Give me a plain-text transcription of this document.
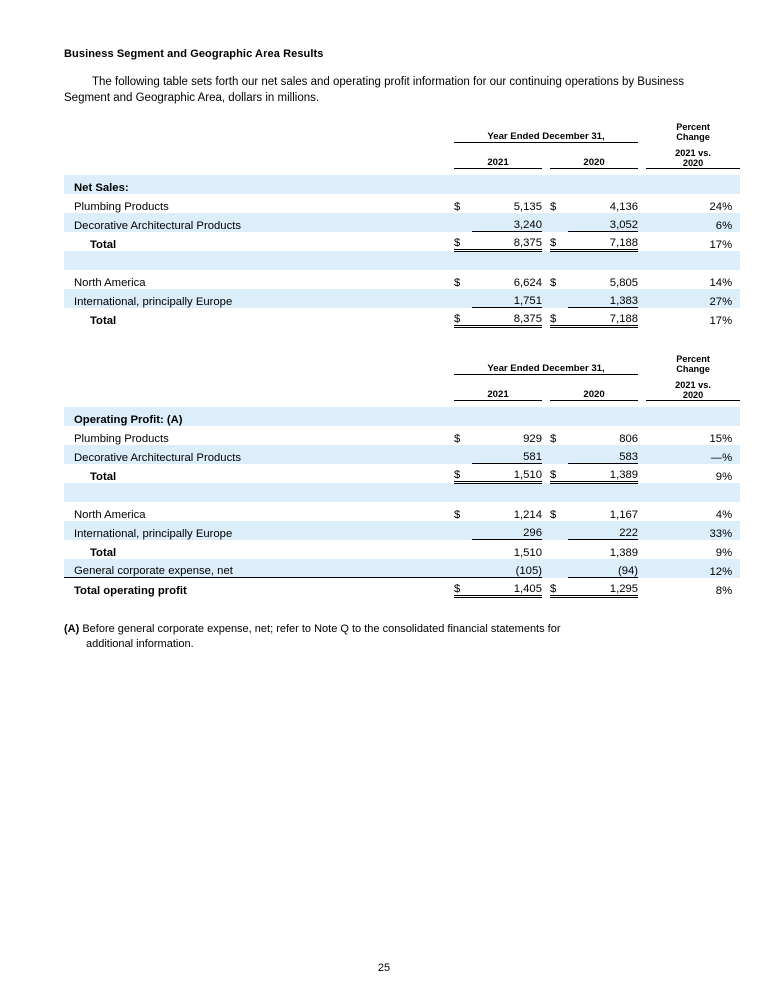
Business Segment and Geographic Area Results

The following table sets forth our net sales and operating profit information for our continuing operations by Business Segment and Geographic Area, dollars in millions.

	Year Ended December 31,						Percent
Change	

	2021			2020			2021 vs.
2020	

Net Sales:								
Plumbing Products	$	5,135		$	4,136		24	%
Decorative Architectural Products		3,240			3,052		6	%
Total	$	8,375		$	7,188		17	%

North America	$	6,624		$	5,805		14	%
International, principally Europe		1,751			1,383		27	%
Total	$	8,375		$	7,188		17	%
	Year Ended December 31,						Percent
Change	

	2021			2020			2021 vs.
2020	

Operating Profit: (A)								
Plumbing Products	$	929		$	806		15	%
Decorative Architectural Products		581			583		—	%
Total	$	1,510		$	1,389		9	%

North America	$	1,214		$	1,167		4	%
International, principally Europe		296			222		33	%
Total		1,510			1,389		9	%
General corporate expense, net		(105)			(94)		12	%
Total operating profit	$	1,405		$	1,295		8	%
(A) Before general corporate expense, net; refer to Note Q to the consolidated financial statements for
additional information.
25
